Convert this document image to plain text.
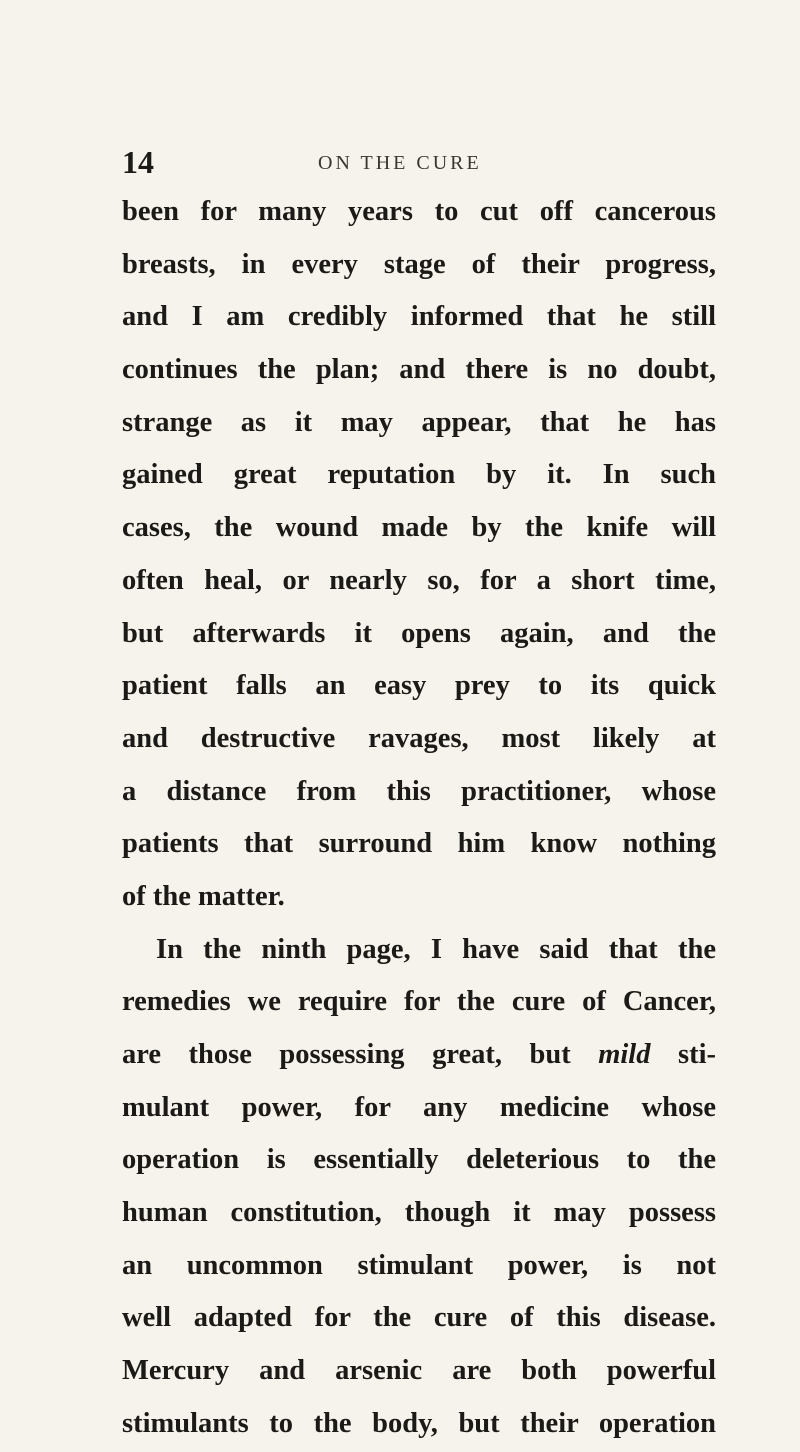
14	ON THE CURE
been for many years to cut off cancerous
breasts, in every stage of their progress,
and I am credibly informed that he still
continues the plan; and there is no doubt,
strange as it may appear, that he has
gained great reputation by it. In such
cases, the wound made by the knife will
often heal, or nearly so, for a short time,
but afterwards it opens again, and the
patient falls an easy prey to its quick
and destructive ravages, most likely at
a distance from this practitioner, whose
patients that surround him know nothing
of the matter.
In the ninth page, I have said that the
remedies we require for the cure of Cancer,
are those possessing great, but mild sti-
mulant power, for any medicine whose
operation is essentially deleterious to the
human constitution, though it may possess
an uncommon stimulant power, is not
well adapted for the cure of this disease.
Mercury and arsenic are both powerful
stimulants to the body, but their operation
